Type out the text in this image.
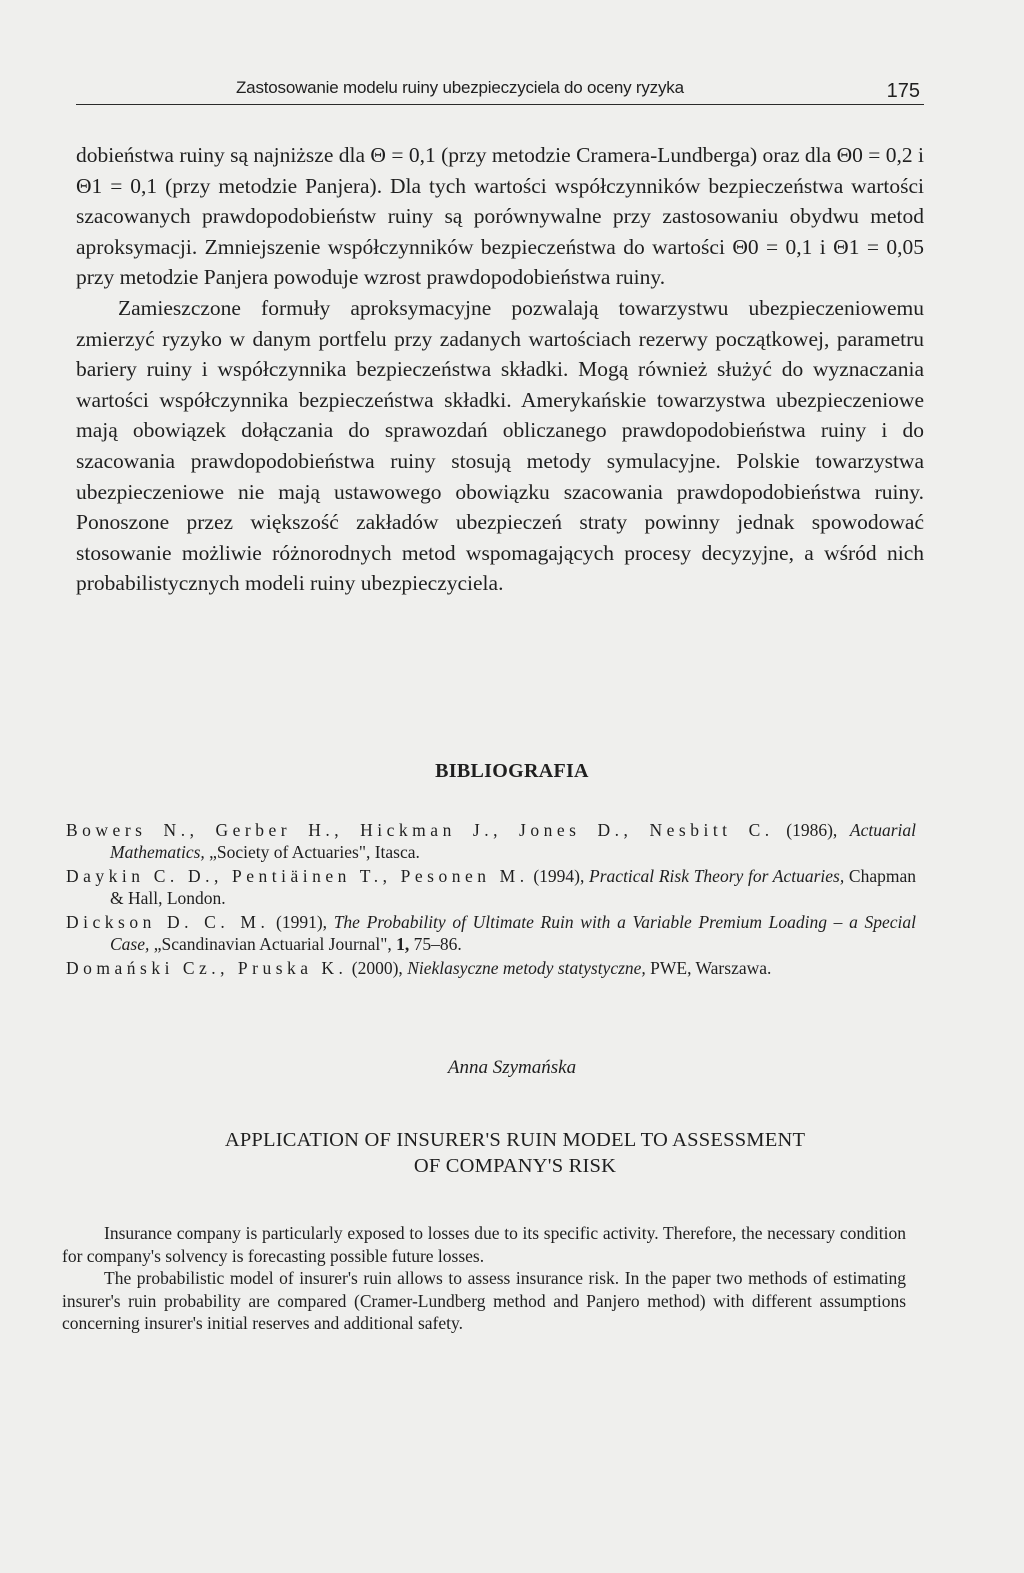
Zastosowanie modelu ruiny ubezpieczyciela do oceny ryzyka	175

dobieństwa ruiny są najniższe dla Θ = 0,1 (przy metodzie Cramera-Lundberga) oraz dla Θ0 = 0,2 i Θ1 = 0,1 (przy metodzie Panjera). Dla tych wartości współczynników bezpieczeństwa wartości szacowanych prawdopodobieństw ruiny są porównywalne przy zastosowaniu obydwu metod aproksymacji. Zmniejszenie współczynników bezpieczeństwa do wartości Θ0 = 0,1 i Θ1 = 0,05 przy metodzie Panjera powoduje wzrost prawdopodobieństwa ruiny.

Zamieszczone formuły aproksymacyjne pozwalają towarzystwu ubezpieczeniowemu zmierzyć ryzyko w danym portfelu przy zadanych wartościach rezerwy początkowej, parametru bariery ruiny i współczynnika bezpieczeństwa składki. Mogą również służyć do wyznaczania wartości współczynnika bezpieczeństwa składki. Amerykańskie towarzystwa ubezpieczeniowe mają obowiązek dołączania do sprawozdań obliczanego prawdopodobieństwa ruiny i do szacowania prawdopodobieństwa ruiny stosują metody symulacyjne. Polskie towarzystwa ubezpieczeniowe nie mają ustawowego obowiązku szacowania prawdopodobieństwa ruiny. Ponoszone przez większość zakładów ubezpieczeń straty powinny jednak spowodować stosowanie możliwie różnorodnych metod wspomagających procesy decyzyjne, a wśród nich probabilistycznych modeli ruiny ubezpieczyciela.

BIBLIOGRAFIA

Bowers N., Gerber H., Hickman J., Jones D., Nesbitt C. (1986), Actuarial Mathematics, „Society of Actuaries", Itasca.

Daykin C. D., Pentiäinen T., Pesonen M. (1994), Practical Risk Theory for Actuaries, Chapman & Hall, London.

Dickson D. C. M. (1991), The Probability of Ultimate Ruin with a Variable Premium Loading – a Special Case, „Scandinavian Actuarial Journal", 1, 75–86.

Domański Cz., Pruska K. (2000), Nieklasyczne metody statystyczne, PWE, Warszawa.

Anna Szymańska
APPLICATION OF INSURER'S RUIN MODEL TO ASSESSMENT
OF COMPANY'S RISK

Insurance company is particularly exposed to losses due to its specific activity. Therefore, the necessary condition for company's solvency is forecasting possible future losses.

The probabilistic model of insurer's ruin allows to assess insurance risk. In the paper two methods of estimating insurer's ruin probability are compared (Cramer-Lundberg method and Panjero method) with different assumptions concerning insurer's initial reserves and additional safety.
